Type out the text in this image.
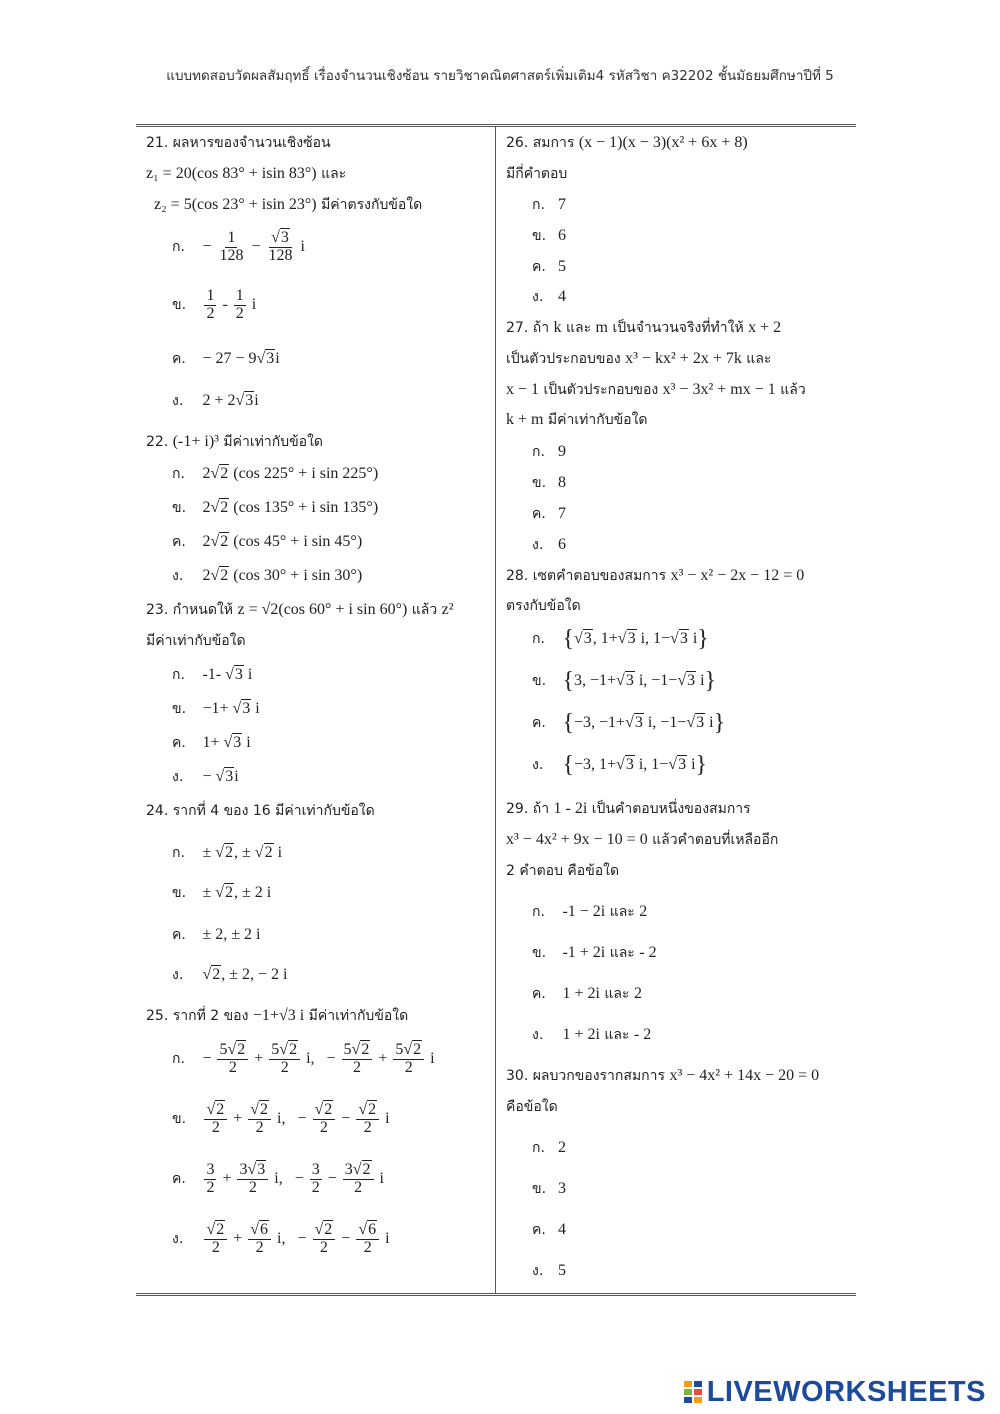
แบบทดสอบวัดผลสัมฤทธิ์ เรื่องจำนวนเชิงซ้อน รายวิชาคณิตศาสตร์เพิ่มเติม4 รหัสวิชา ค32202 ชั้นมัธยมศึกษาปีที่ 5
21. ผลหารของจำนวนเชิงซ้อน
z₁ = 20(cos 83° + isin 83°) และ
z₂ = 5(cos 23° + isin 23°) มีค่าตรงกับข้อใด
ก. − $\frac{1}{128} - \frac{√3}{128}$ i
ข. $\frac{1}{2} - \frac{1}{2}$ i
ค. − 27 − 9√3i
ง. 2 + 2√3i
22. (-1+ i)³ มีค่าเท่ากับข้อใด
ก. 2√2 (cos 225° + i sin 225°)
ข. 2√2 (cos 135° + i sin 135°)
ค. 2√2 (cos 45° + i sin 45°)
ง. 2√2 (cos 30° + i sin 30°)
23. กำหนดให้ z = √2(cos 60° + i sin 60°) แล้ว z²
มีค่าเท่ากับข้อใด
ก. -1- √3 i
ข. −1+ √3 i
ค. 1+ √3 i
ง. − √3i
24. รากที่ 4 ของ 16 มีค่าเท่ากับข้อใด
ก. ± √2, ± √2 i
ข. ± √2, ± 2 i
ค. ± 2, ± 2 i
ง. √2, ± 2, − 2 i
25. รากที่ 2 ของ −1+√3 i มีค่าเท่ากับข้อใด
ก. − $\frac{5√2}{2} + \frac{5√2}{2} i$,   − $\frac{5√2}{2} + \frac{5√2}{2}$ i
ข. $\frac{√2}{2} + \frac{√2}{2} i$,   − $\frac{√2}{2} - \frac{√2}{2}$ i
ค. $\frac{3}{2} + \frac{3√3}{2} i$,   − $\frac{3}{2} - \frac{3√2}{2}$ i
ง. $\frac{√2}{2} + \frac{√6}{2} i$,   − $\frac{√2}{2} - \frac{√6}{2}$ i
26. สมการ (x − 1)(x − 3)(x² + 6x + 8)
มีกี่คำตอบ
ก. 7
ข. 6
ค. 5
ง. 4
27. ถ้า k และ m เป็นจำนวนจริงที่ทำให้ x + 2
เป็นตัวประกอบของ x³ − kx² + 2x + 7k และ
x − 1 เป็นตัวประกอบของ x³ − 3x² + mx − 1 แล้ว
k + m มีค่าเท่ากับข้อใด
ก. 9
ข. 8
ค. 7
ง. 6
28. เซตคำตอบของสมการ x³ − x² − 2x − 12 = 0
ตรงกับข้อใด
ก. {√3, 1+√3 i, 1−√3 i}
ข. {3, −1+√3 i, −1−√3 i}
ค. {−3, −1+√3 i, −1−√3 i}
ง. {−3, 1+√3 i, 1−√3 i}
29. ถ้า 1 - 2i เป็นคำตอบหนึ่งของสมการ
x³ − 4x² + 9x − 10 = 0 แล้วคำตอบที่เหลืออีก
2 คำตอบ คือข้อใด
ก. -1 − 2i และ 2
ข. -1 + 2i และ - 2
ค. 1 + 2i และ 2
ง. 1 + 2i และ - 2
30. ผลบวกของรากสมการ x³ − 4x² + 14x − 20 = 0
คือข้อใด
ก. 2
ข. 3
ค. 4
ง. 5
LIVEWORKSHEETS
